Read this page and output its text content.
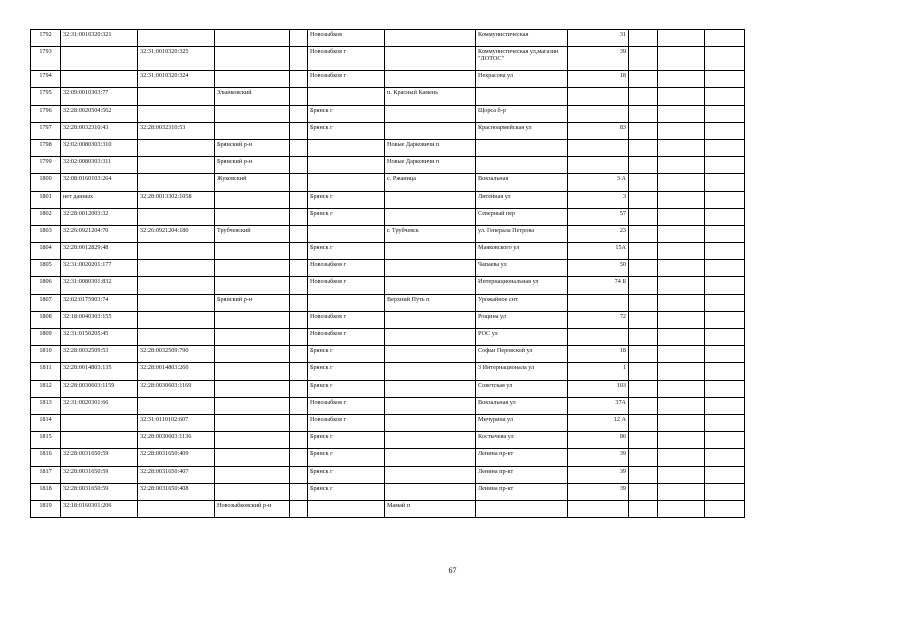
1792	32:31:0010320:321				Новозыбков		Коммунистическая	31			
1793		32:31:0010320:325			Новозыбков г		Коммунистическая ул,магазин "ЛОТОС"	39			
1794		32:31:0010320:324			Новозыбков г		Некрасова ул	18			
1795	32:09:0010303:77		Злынковский			п. Красный Камень					
1796	32:28:0020504:562				Брянск г		Щорса б-р				
1797	32:28:0032310:43	32:28:0032310:53			Брянск г		Красноармейская ул	83			
1798	32:02:0080303:310		Брянский р-н			Новые Дарковичи п					
1799	32:02:0080303:311		Брянский р-н			Новые Дарковичи п					
1800	32:08:0160103:264		Жуковский			с. Ржаница	Вокзальная	3 А			
1801	нет данных	32:28:0013302:1058			Брянск г		Литейная ул	3			
1802	32:28:0012003:32				Брянск г		Северный пер	57			
1803	32:26:0921204:70	32:26:0921204:180	Трубчевский			г. Трубчевск	ул. Генерала Петрова	23			
1804	32:28:0012829:48				Брянск г		Маяковского ул	15А			
1805	32:31:0020201:177				Новозыбков г		Чапаева ул	50			
1806	32:31:0080301:832				Новозыбков г		Интернациональная ул	74 Б			
1807	32:02:0175903:74		Брянский р-н			Верхний Путь п	Урожайное снт				
1808	32:18:0040303:155				Новозыбков г		Рощина ул	72			
1809	32:31:0150205:45				Новозыбков г		РОС ул				
1810	32:28:0032509:53	32:28:0032509:790			Брянск г		Софьи Перовской ул	18			
1811	32:28:0014803:135	32:28:0014803:260			Брянск г		3 Интернационала ул	1			
1812	32:28:0030603:1159	32:28:0030603:1169			Брянск г		Советская ул	103			
1813	32:31:0020301:66				Новозыбков г		Вокзальная ул	37А			
1814		32:31:0110102:607			Новозыбков г		Мичурина ул	12 А			
1815		32:28:0030603:1136			Брянск г		Костычева ул	86			
1816	32:28:0031650:59	32:28:0031650:409			Брянск г		Ленина пр-кт	39			
1817	32:28:0031650:59	32:28:0031650:407			Брянск г		Ленина пр-кт	39			
1818	32:28:0031650:59	32:28:0031650:408			Брянск г		Ленина пр-кт	39			
1819	32:18:0160301:206		Новозыбковский р-н			Мамай п					
67
